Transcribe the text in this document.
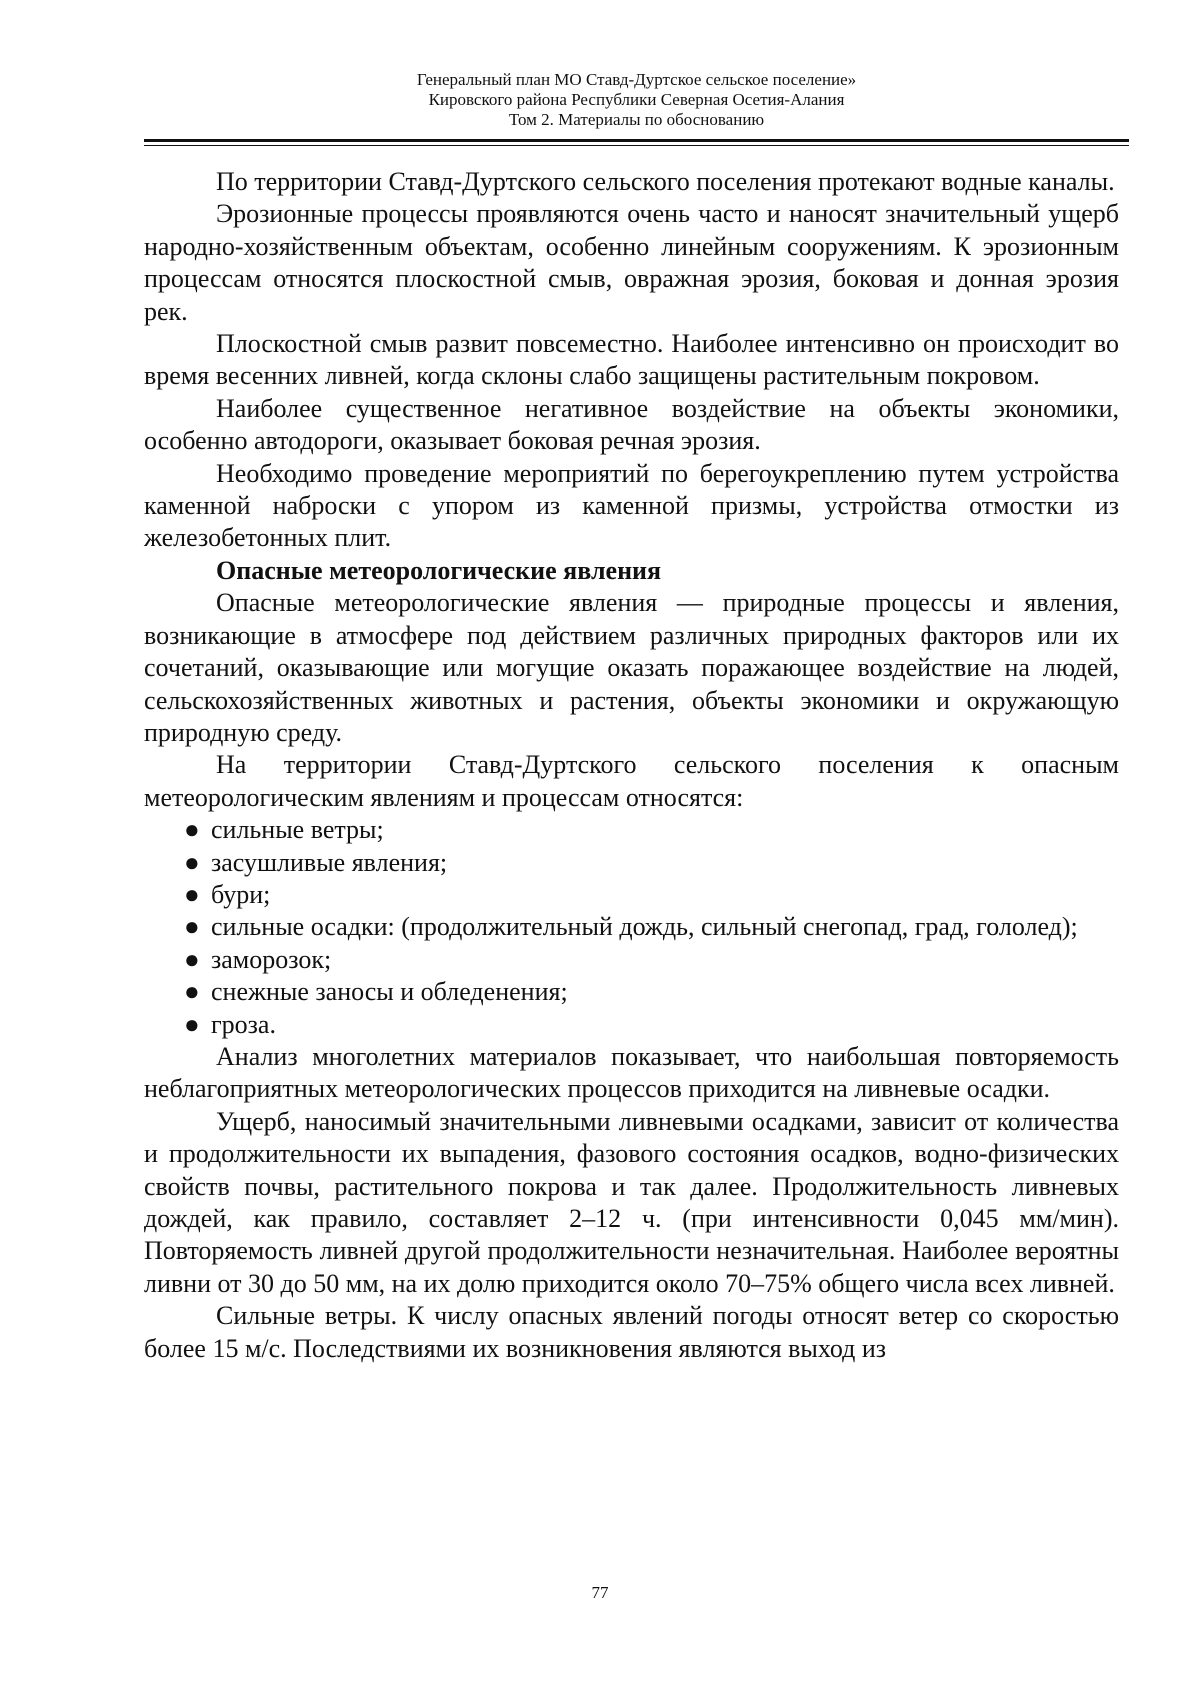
Генеральный план МО Ставд-Дуртское сельское поселение»
Кировского района Республики Северная Осетия-Алания
Том 2. Материалы по обоснованию

По территории Ставд-Дуртского сельского поселения протекают водные каналы.

Эрозионные процессы проявляются очень часто и наносят значительный ущерб народно-хозяйственным объектам, особенно линейным сооружениям. К эрозионным процессам относятся плоскостной смыв, овражная эрозия, боковая и донная эрозия рек.

Плоскостной смыв развит повсеместно. Наиболее интенсивно он происходит во время весенних ливней, когда склоны слабо защищены растительным покровом.

Наиболее существенное негативное воздействие на объекты экономики, особенно автодороги, оказывает боковая речная эрозия.

Необходимо проведение мероприятий по берегоукреплению путем устройства каменной наброски с упором из каменной призмы, устройства отмостки из железобетонных плит.

Опасные метеорологические явления

Опасные метеорологические явления — природные процессы и явления, возникающие в атмосфере под действием различных природных факторов или их сочетаний, оказывающие или могущие оказать поражающее воздействие на людей, сельскохозяйственных животных и растения, объекты экономики и окружающую природную среду.

На территории Ставд-Дуртского сельского поселения к опасным метеорологическим явлениям и процессам относятся:

● сильные ветры;
● засушливые явления;
● бури;
● сильные осадки: (продолжительный дождь, сильный снегопад, град, гололед);
● заморозок;
● снежные заносы и обледенения;
● гроза.

Анализ многолетних материалов показывает, что наибольшая повторяемость неблагоприятных метеорологических процессов приходится на ливневые осадки.

Ущерб, наносимый значительными ливневыми осадками, зависит от количества и продолжительности их выпадения, фазового состояния осадков, водно-физических свойств почвы, растительного покрова и так далее. Продолжительность ливневых дождей, как правило, составляет 2–12 ч. (при интенсивности 0,045 мм/мин). Повторяемость ливней другой продолжительности незначительная. Наиболее вероятны ливни от 30 до 50 мм, на их долю приходится около 70–75% общего числа всех ливней.

Сильные ветры. К числу опасных явлений погоды относят ветер со скоростью более 15 м/с. Последствиями их возникновения являются выход из

77
